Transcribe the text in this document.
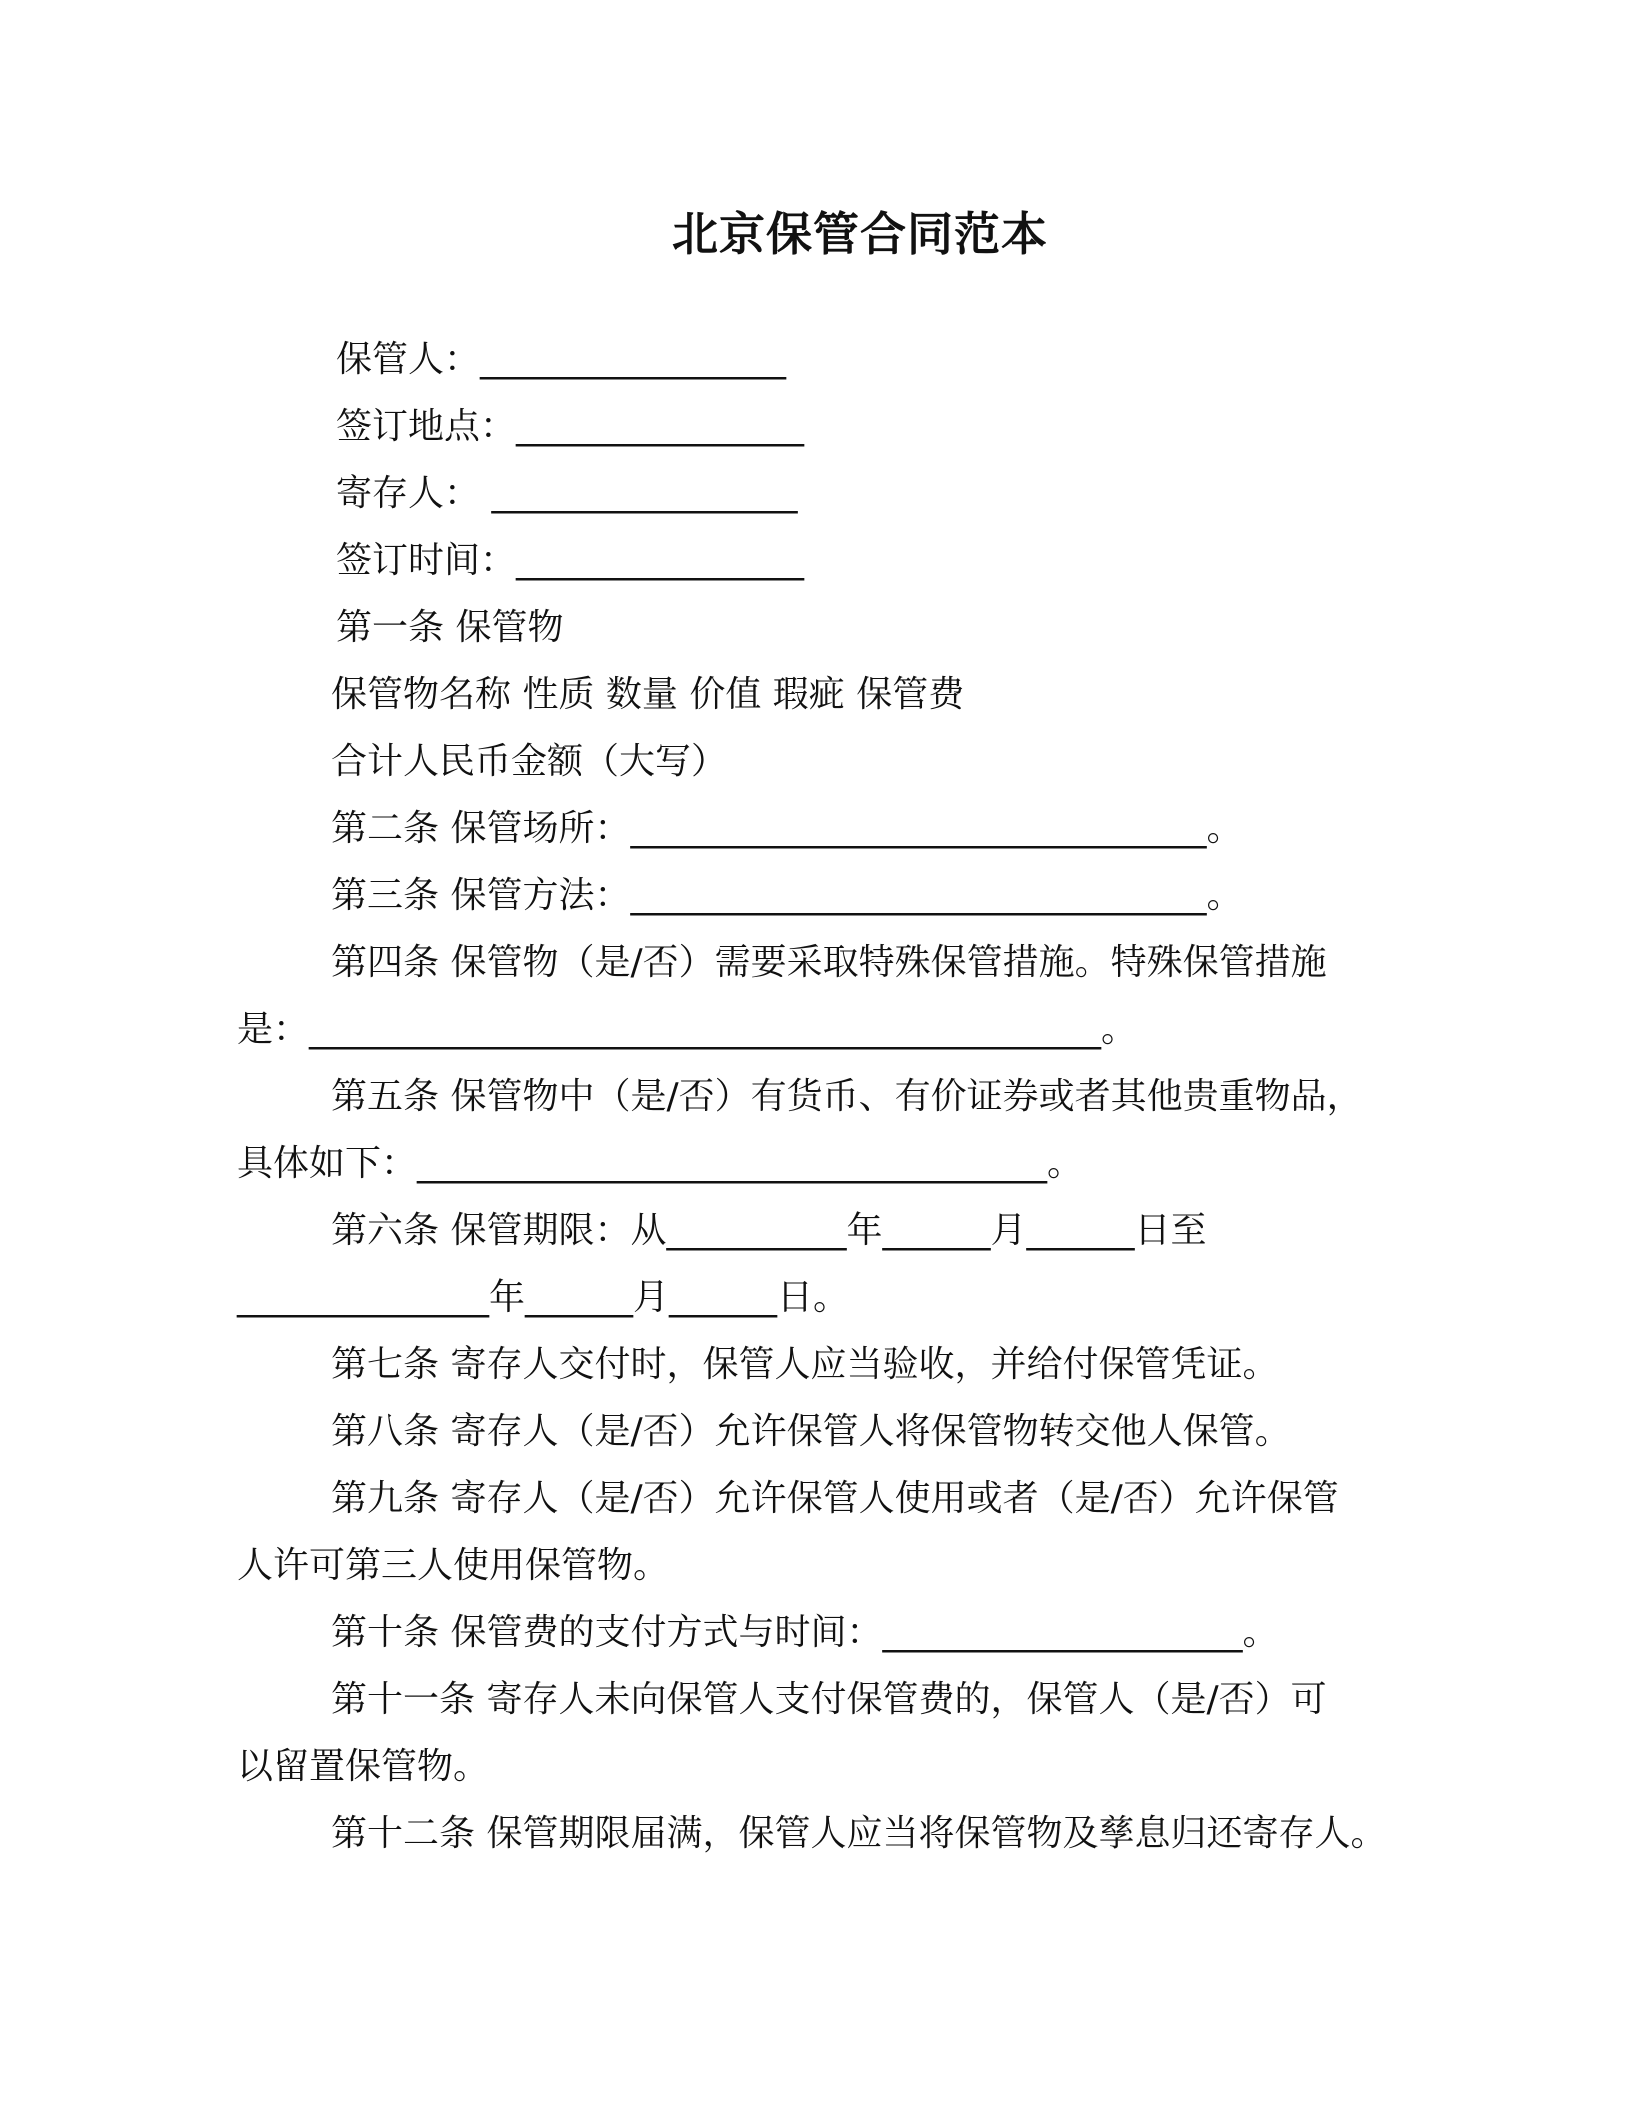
北京保管合同范本
保管人：_________________
签订地点：________________
寄存人： _________________
签订时间：________________
第一条 保管物
保管物名称 性质 数量 价值 瑕疵 保管费
合计人民币金额（大写）
第二条 保管场所：________________________________。
第三条 保管方法：________________________________。
第四条 保管物（是/否）需要采取特殊保管措施。特殊保管措施
是：____________________________________________。
第五条 保管物中（是/否）有货币、有价证券或者其他贵重物品，
具体如下：___________________________________。
第六条 保管期限：从__________年______月______日至
______________年______月______日。
第七条 寄存人交付时，保管人应当验收，并给付保管凭证。
第八条 寄存人（是/否）允许保管人将保管物转交他人保管。
第九条 寄存人（是/否）允许保管人使用或者（是/否）允许保管
人许可第三人使用保管物。
第十条 保管费的支付方式与时间：____________________。
第十一条 寄存人未向保管人支付保管费的，保管人（是/否）可
以留置保管物。
第十二条 保管期限届满，保管人应当将保管物及孳息归还寄存人。
